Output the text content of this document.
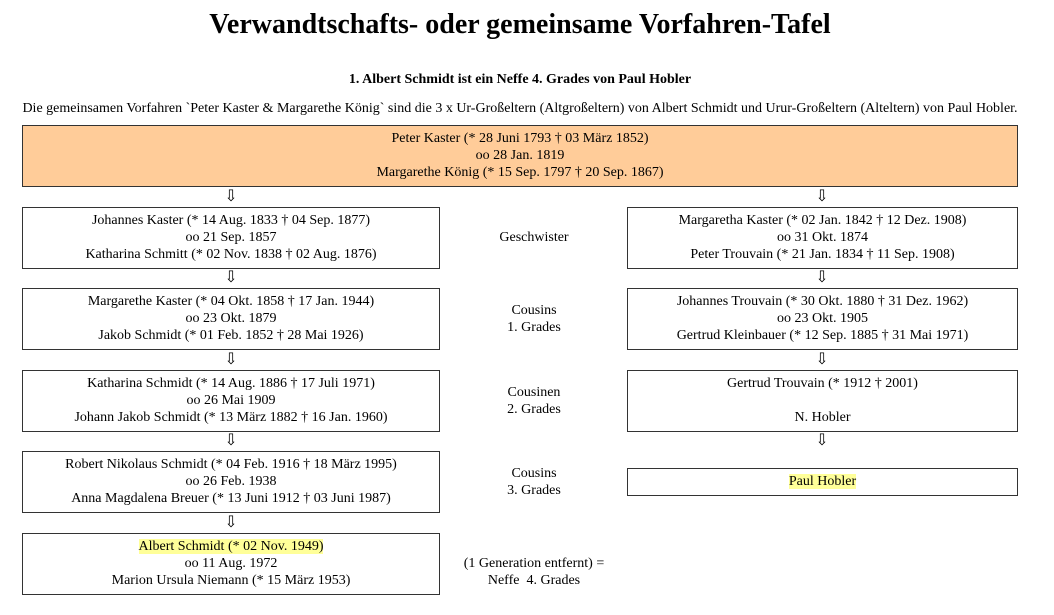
Verwandtschafts- oder gemeinsame Vorfahren-Tafel
1. Albert Schmidt ist ein Neffe 4. Grades von Paul Hobler
Die gemeinsamen Vorfahren `Peter Kaster & Margarethe König` sind die 3 x Ur-Großeltern (Altgroßeltern) von Albert Schmidt und Urur-Großeltern (Alteltern) von Paul Hobler.
Peter Kaster (* 28 Juni 1793 † 03 März 1852)
oo 28 Jan. 1819
Margarethe König (* 15 Sep. 1797 † 20 Sep. 1867)
⇩
⇩
⇩
⇩
⇩
⇩
⇩
⇩
⇩
Johannes Kaster (* 14 Aug. 1833 † 04 Sep. 1877)
oo 21 Sep. 1857
Katharina Schmitt (* 02 Nov. 1838 † 02 Aug. 1876)
Margarethe Kaster (* 04 Okt. 1858 † 17 Jan. 1944)
oo 23 Okt. 1879
Jakob Schmidt (* 01 Feb. 1852 † 28 Mai 1926)
Katharina Schmidt (* 14 Aug. 1886 † 17 Juli 1971)
oo 26 Mai 1909
Johann Jakob Schmidt (* 13 März 1882 † 16 Jan. 1960)
Robert Nikolaus Schmidt (* 04 Feb. 1916 † 18 März 1995)
oo 26 Feb. 1938
Anna Magdalena Breuer (* 13 Juni 1912 † 03 Juni 1987)
Albert Schmidt (* 02 Nov. 1949)
oo 11 Aug. 1972
Marion Ursula Niemann (* 15 März 1953)
Margaretha Kaster (* 02 Jan. 1842 † 12 Dez. 1908)
oo 31 Okt. 1874
Peter Trouvain (* 21 Jan. 1834 † 11 Sep. 1908)
Johannes Trouvain (* 30 Okt. 1880 † 31 Dez. 1962)
oo 23 Okt. 1905
Gertrud Kleinbauer (* 12 Sep. 1885 † 31 Mai 1971)
Gertrud Trouvain (* 1912 † 2001)
N. Hobler
Paul Hobler
Geschwister
Cousins
1. Grades
Cousinen
2. Grades
Cousins
3. Grades
(1 Generation entfernt) =
Neffe  4. Grades
